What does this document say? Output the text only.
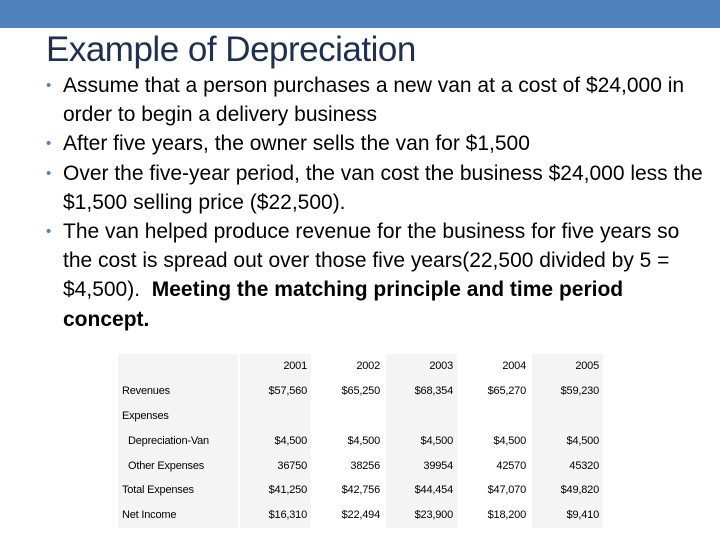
Example of Depreciation
• Assume that a person purchases a new van at a cost of $24,000 in order to begin a delivery business
• After five years, the owner sells the van for $1,500
• Over the five-year period, the van cost the business $24,000 less the $1,500 selling price ($22,500).
• The van helped produce revenue for the business for five years so the cost is spread out over those five years(22,500 divided by 5 = $4,500). Meeting the matching principle and time period concept.
	2001	2002	2003	2004	2005
Revenues	$57,560	$65,250	$68,354	$65,270	$59,230
Expenses					
Depreciation-Van	$4,500	$4,500	$4,500	$4,500	$4,500
Other Expenses	36750	38256	39954	42570	45320
Total Expenses	$41,250	$42,756	$44,454	$47,070	$49,820
Net Income	$16,310	$22,494	$23,900	$18,200	$9,410
